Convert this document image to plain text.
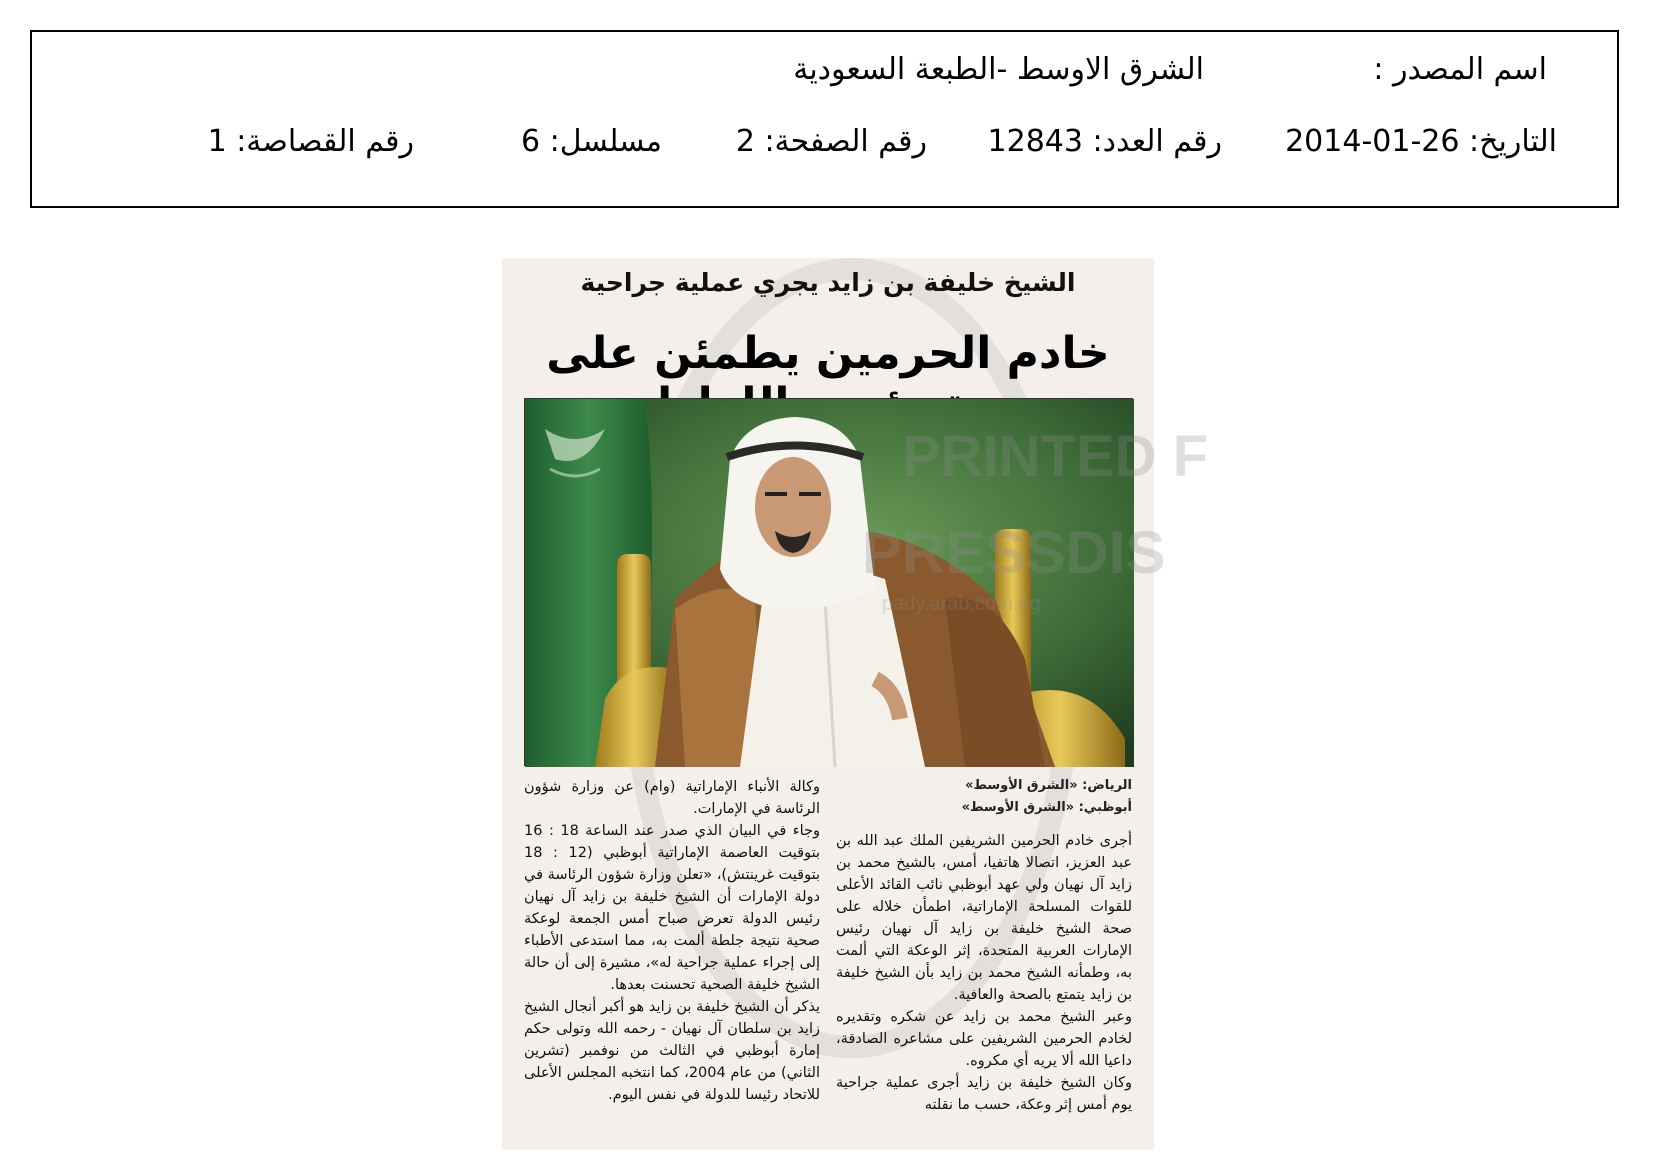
اسم المصدر :
الشرق الاوسط -الطبعة السعودية
التاريخ: 26-01-2014
رقم العدد: 12843
رقم الصفحة: 2
مسلسل: 6
رقم القصاصة: 1
الشيخ خليفة بن زايد يجري عملية جراحية
خادم الحرمين يطمئن على
الرياض: «الشرق الأوسط»
أبوظبي: «الشرق الأوسط»

أجرى خادم الحرمين الشريفين الملك عبد الله بن عبد العزيز، اتصالا هاتفيا، أمس، بالشيخ محمد بن زايد آل نهيان ولي عهد أبوظبي نائب القائد الأعلى للقوات المسلحة الإماراتية، اطمأن خلاله على صحة الشيخ خليفة بن زايد آل نهيان رئيس الإمارات العربية المتحدة، إثر الوعكة التي ألمت به، وطمأنه الشيخ محمد بن زايد بأن الشيخ خليفة بن زايد يتمتع بالصحة والعافية.

وعبر الشيخ محمد بن زايد عن شكره وتقديره لخادم الحرمين الشريفين على مشاعره الصادقة، داعيا الله ألا يريه أي مكروه.

وكان الشيخ خليفة بن زايد أجرى عملية جراحية يوم أمس إثر وعكة، حسب ما نقلته

وكالة الأنباء الإماراتية (وام) عن وزارة شؤون الرئاسة في الإمارات.

وجاء في البيان الذي صدر عند الساعة 18 : 16 بتوقيت العاصمة الإماراتية أبوظبي (12 : 18 بتوقيت غرينتش)، «تعلن وزارة شؤون الرئاسة في دولة الإمارات أن الشيخ خليفة بن زايد آل نهيان رئيس الدولة تعرض صباح أمس الجمعة لوعكة صحية نتيجة جلطة ألمت به، مما استدعى الأطباء إلى إجراء عملية جراحية له»، مشيرة إلى أن حالة الشيخ خليفة الصحية تحسنت بعدها.

يذكر أن الشيخ خليفة بن زايد هو أكبر أنجال الشيخ زايد بن سلطان آل نهيان - رحمه الله وتولى حكم إمارة أبوظبي في الثالث من نوفمبر (تشرين الثاني) من عام 2004، كما انتخبه المجلس الأعلى للاتحاد رئيسا للدولة في نفس اليوم.

PRINTED F
PRESSDIS
pady.arab.com.eg
